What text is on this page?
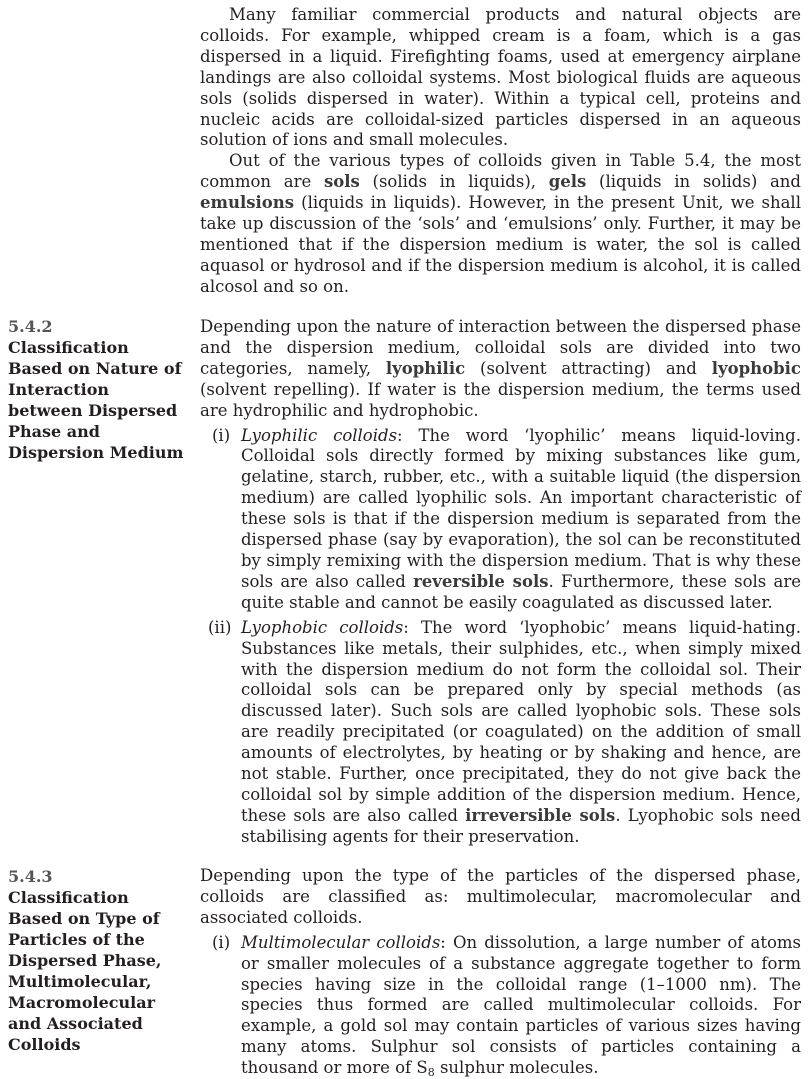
Many familiar commercial products and natural objects are colloids. For example, whipped cream is a foam, which is a gas dispersed in a liquid. Firefighting foams, used at emergency airplane landings are also colloidal systems. Most biological fluids are aqueous sols (solids dispersed in water). Within a typical cell, proteins and nucleic acids are colloidal-sized particles dispersed in an aqueous solution of ions and small molecules.

Out of the various types of colloids given in Table 5.4, the most common are sols (solids in liquids), gels (liquids in solids) and emulsions (liquids in liquids). However, in the present Unit, we shall take up discussion of the ‘sols’ and ‘emulsions’ only. Further, it may be mentioned that if the dispersion medium is water, the sol is called aquasol or hydrosol and if the dispersion medium is alcohol, it is called alcosol and so on.

5.4.2
Classification Based on Nature of Interaction between Dispersed Phase and Dispersion Medium

Depending upon the nature of interaction between the dispersed phase and the dispersion medium, colloidal sols are divided into two categories, namely, lyophilic (solvent attracting) and lyophobic (solvent repelling). If water is the dispersion medium, the terms used are hydrophilic and hydrophobic.

(i) Lyophilic colloids: The word ‘lyophilic’ means liquid-loving. Colloidal sols directly formed by mixing substances like gum, gelatine, starch, rubber, etc., with a suitable liquid (the dispersion medium) are called lyophilic sols. An important characteristic of these sols is that if the dispersion medium is separated from the dispersed phase (say by evaporation), the sol can be reconstituted by simply remixing with the dispersion medium. That is why these sols are also called reversible sols. Furthermore, these sols are quite stable and cannot be easily coagulated as discussed later.
(ii) Lyophobic colloids: The word ‘lyophobic’ means liquid-hating. Substances like metals, their sulphides, etc., when simply mixed with the dispersion medium do not form the colloidal sol. Their colloidal sols can be prepared only by special methods (as discussed later). Such sols are called lyophobic sols. These sols are readily precipitated (or coagulated) on the addition of small amounts of electrolytes, by heating or by shaking and hence, are not stable. Further, once precipitated, they do not give back the colloidal sol by simple addition of the dispersion medium. Hence, these sols are also called irreversible sols. Lyophobic sols need stabilising agents for their preservation.
5.4.3
Classification Based on Type of Particles of the Dispersed Phase, Multimolecular, Macromolecular and Associated Colloids

Depending upon the type of the particles of the dispersed phase, colloids are classified as: multimolecular, macromolecular and associated colloids.

(i) Multimolecular colloids: On dissolution, a large number of atoms or smaller molecules of a substance aggregate together to form species having size in the colloidal range (1–1000 nm). The species thus formed are called multimolecular colloids. For example, a gold sol may contain particles of various sizes having many atoms. Sulphur sol consists of particles containing a thousand or more of $S_8$ sulphur molecules.
